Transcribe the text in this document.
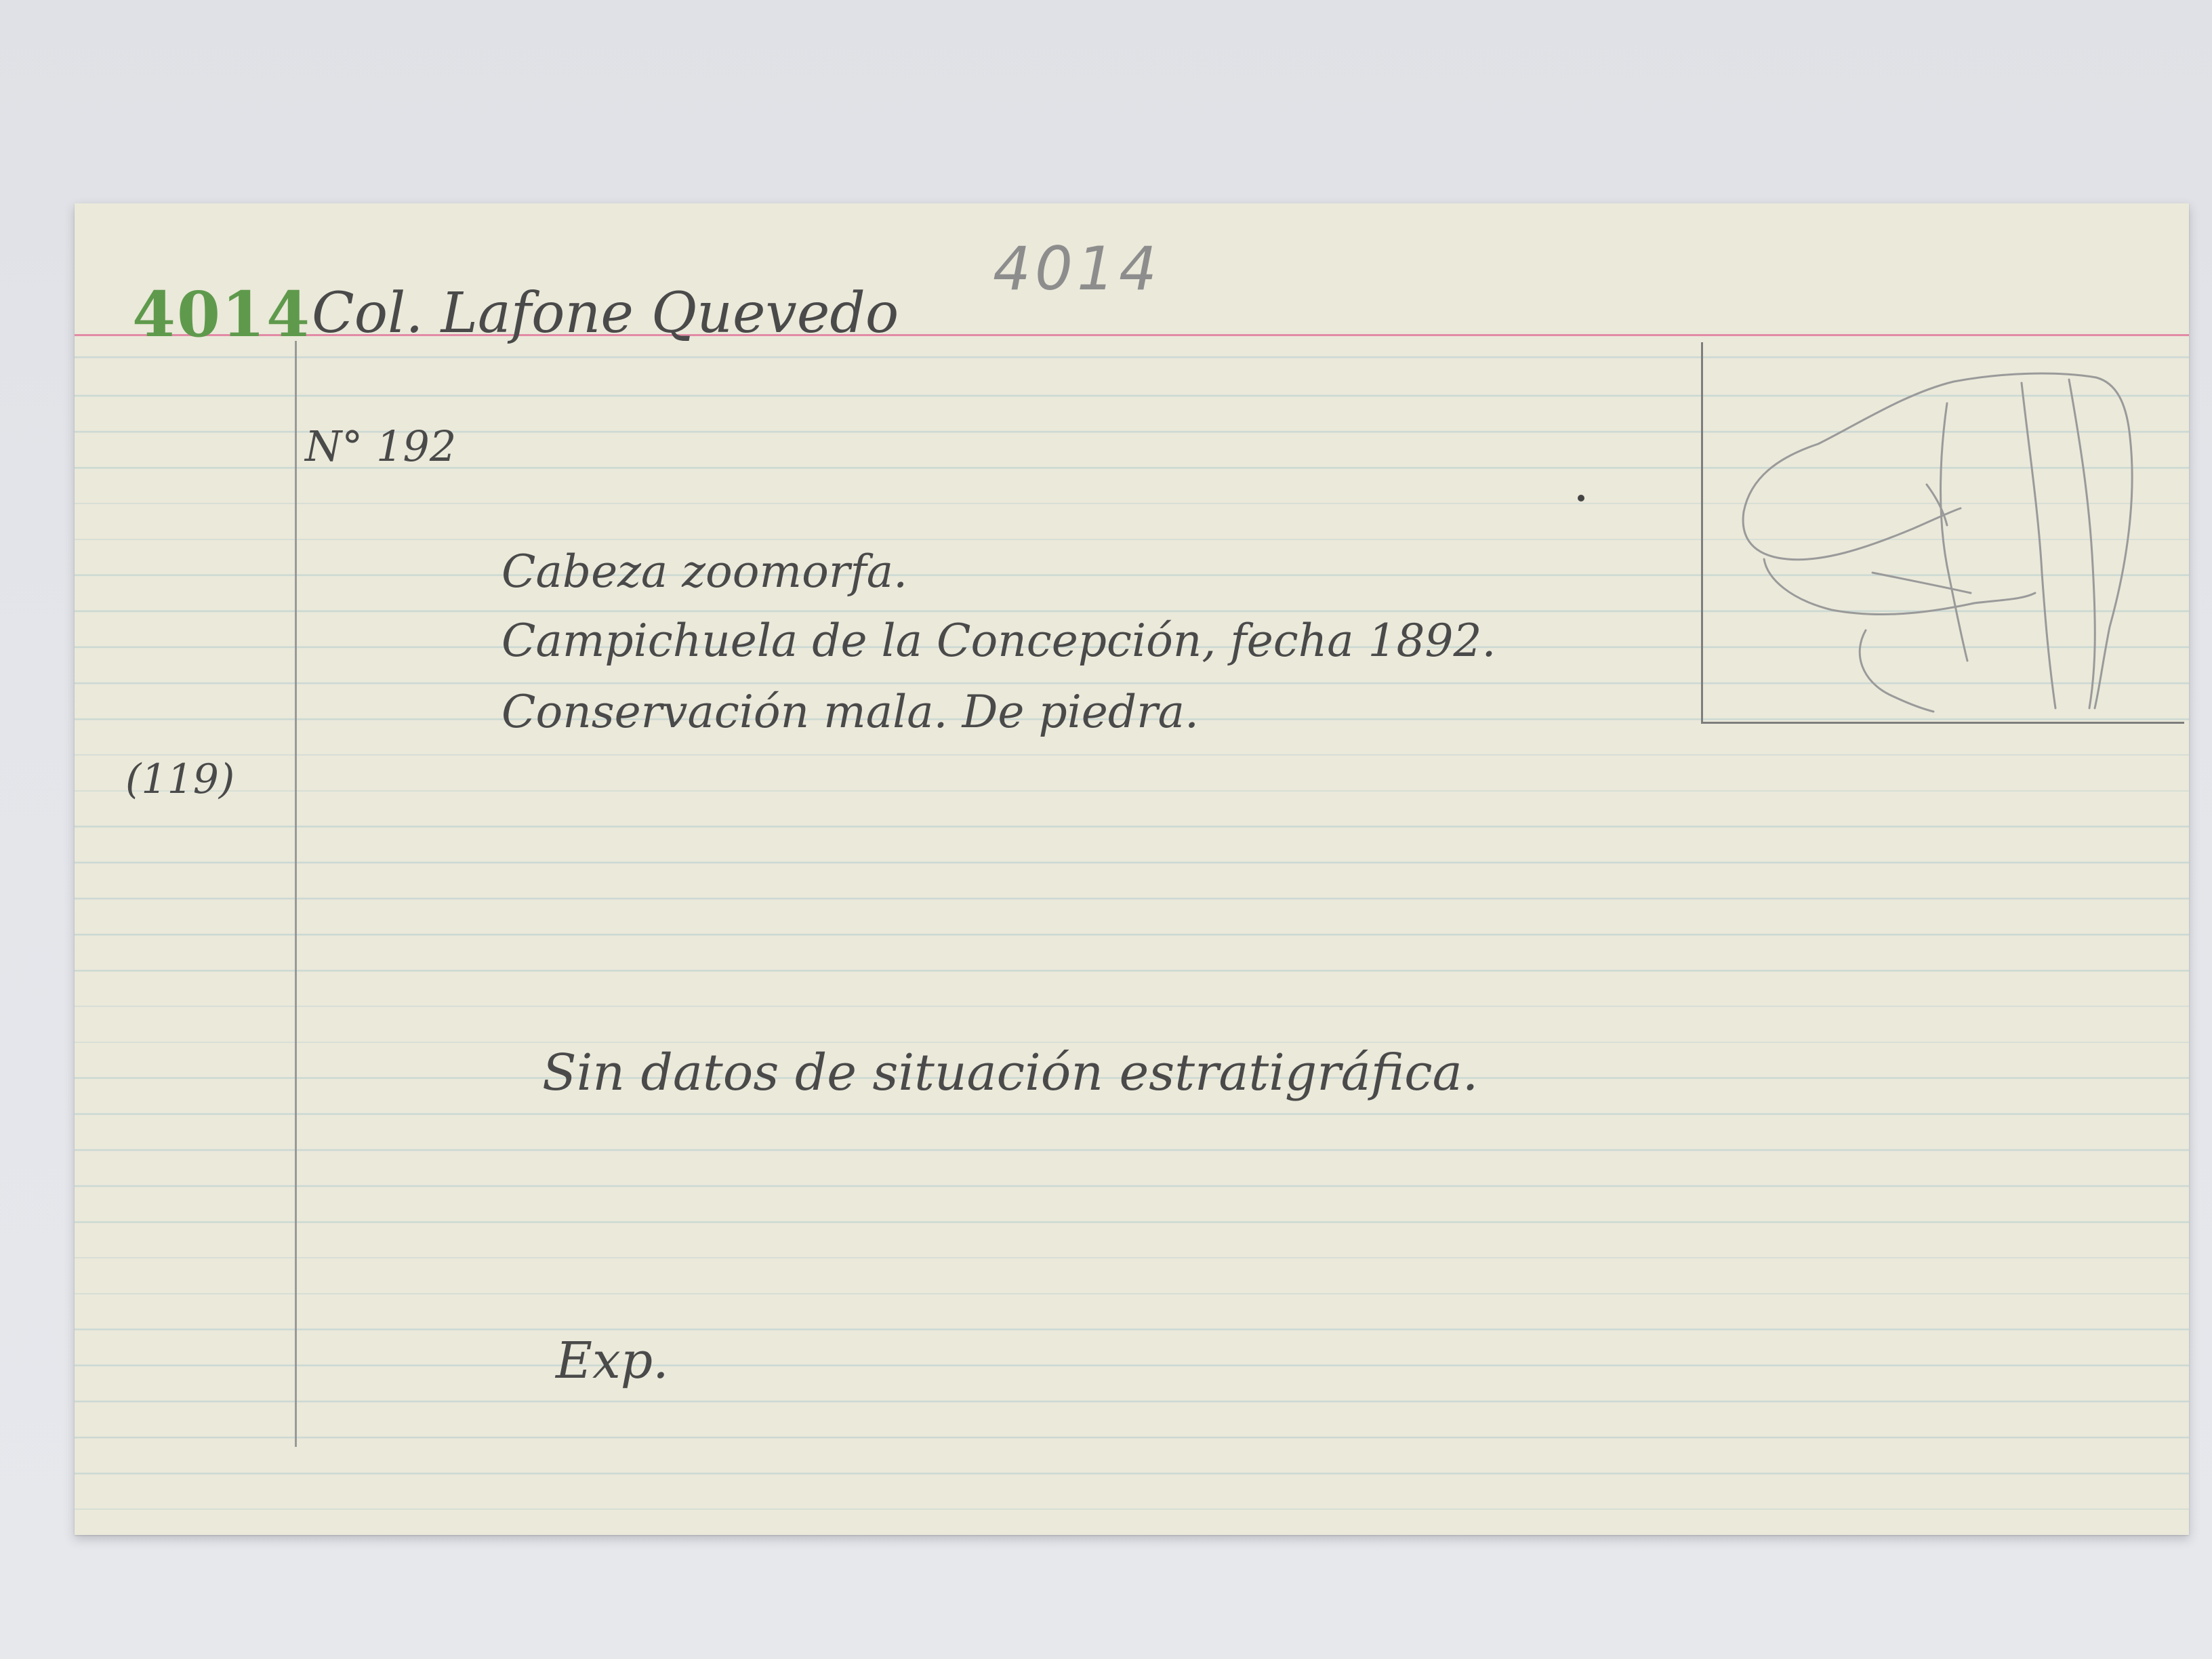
4014 Col. Lafone Quevedo
4014
N° 192
Cabeza zoomorfa.
Campichuela de la Concepción, fecha 1892.
Conservación mala. De piedra.
(119)
Sin datos de situación estratigráfica.
Exp.
